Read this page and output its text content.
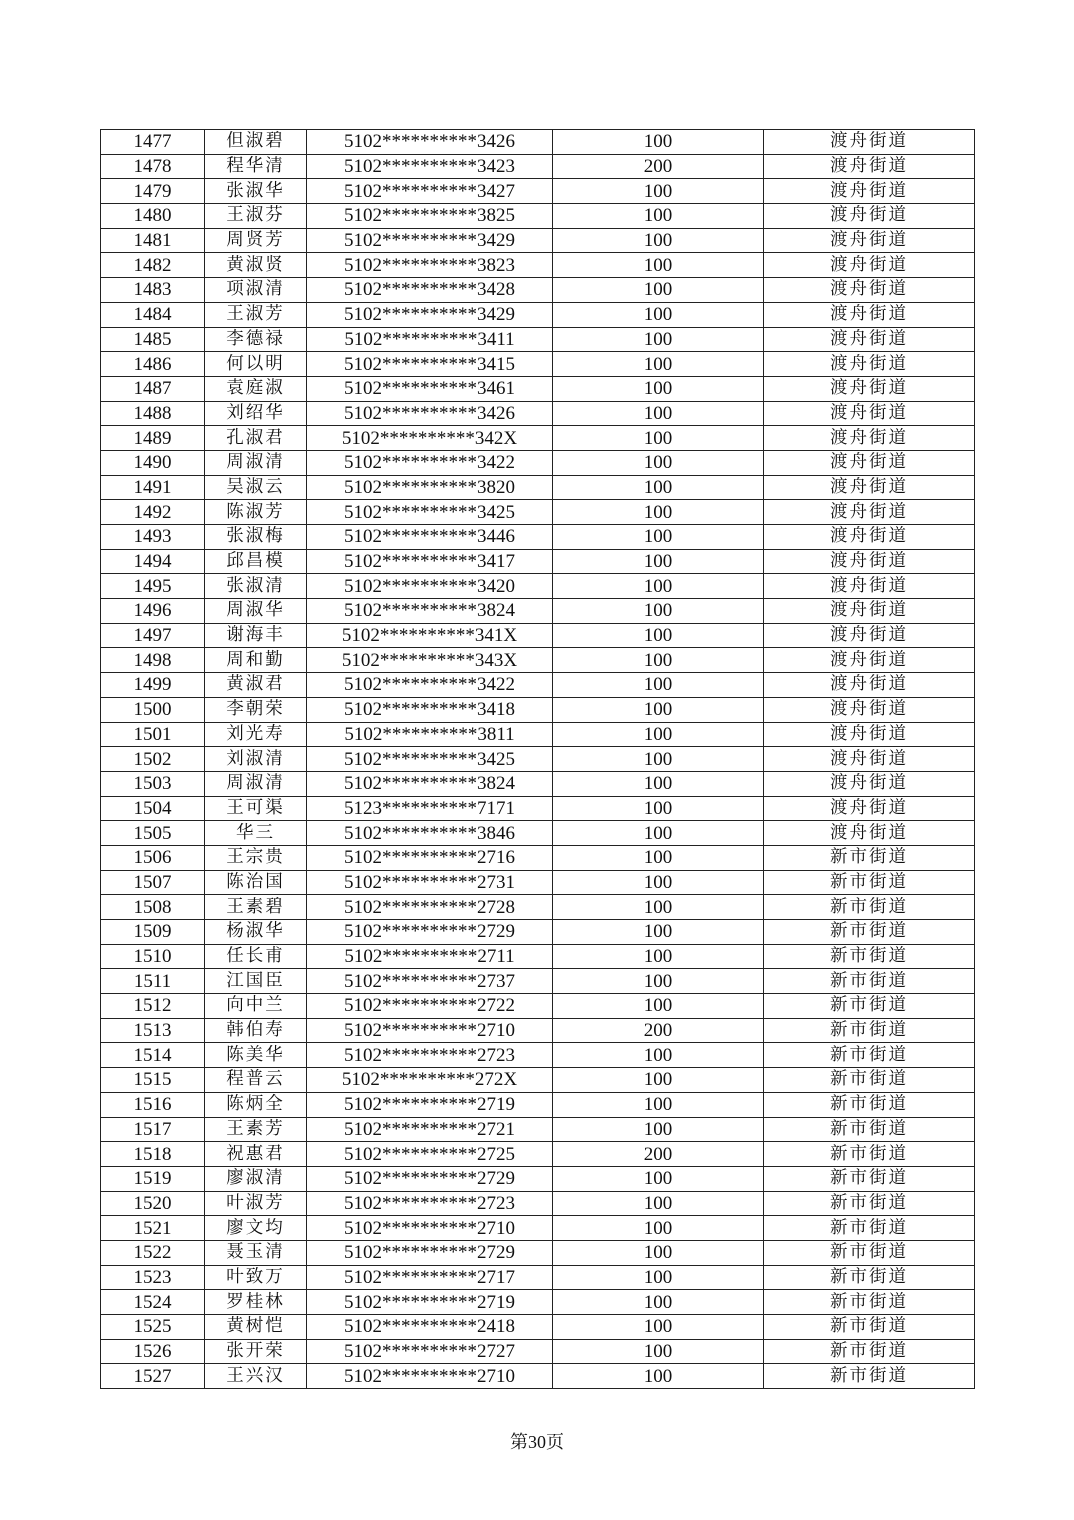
1477	但淑碧	5102**********3426	100	渡舟街道
1478	程华清	5102**********3423	200	渡舟街道
1479	张淑华	5102**********3427	100	渡舟街道
1480	王淑芬	5102**********3825	100	渡舟街道
1481	周贤芳	5102**********3429	100	渡舟街道
1482	黄淑贤	5102**********3823	100	渡舟街道
1483	项淑清	5102**********3428	100	渡舟街道
1484	王淑芳	5102**********3429	100	渡舟街道
1485	李德禄	5102**********3411	100	渡舟街道
1486	何以明	5102**********3415	100	渡舟街道
1487	袁庭淑	5102**********3461	100	渡舟街道
1488	刘绍华	5102**********3426	100	渡舟街道
1489	孔淑君	5102**********342X	100	渡舟街道
1490	周淑清	5102**********3422	100	渡舟街道
1491	吴淑云	5102**********3820	100	渡舟街道
1492	陈淑芳	5102**********3425	100	渡舟街道
1493	张淑梅	5102**********3446	100	渡舟街道
1494	邱昌模	5102**********3417	100	渡舟街道
1495	张淑清	5102**********3420	100	渡舟街道
1496	周淑华	5102**********3824	100	渡舟街道
1497	谢海丰	5102**********341X	100	渡舟街道
1498	周和勤	5102**********343X	100	渡舟街道
1499	黄淑君	5102**********3422	100	渡舟街道
1500	李朝荣	5102**********3418	100	渡舟街道
1501	刘光寿	5102**********3811	100	渡舟街道
1502	刘淑清	5102**********3425	100	渡舟街道
1503	周淑清	5102**********3824	100	渡舟街道
1504	王可渠	5123**********7171	100	渡舟街道
1505	华三	5102**********3846	100	渡舟街道
1506	王宗贵	5102**********2716	100	新市街道
1507	陈治国	5102**********2731	100	新市街道
1508	王素碧	5102**********2728	100	新市街道
1509	杨淑华	5102**********2729	100	新市街道
1510	任长甫	5102**********2711	100	新市街道
1511	江国臣	5102**********2737	100	新市街道
1512	向中兰	5102**********2722	100	新市街道
1513	韩伯寿	5102**********2710	200	新市街道
1514	陈美华	5102**********2723	100	新市街道
1515	程普云	5102**********272X	100	新市街道
1516	陈炳全	5102**********2719	100	新市街道
1517	王素芳	5102**********2721	100	新市街道
1518	祝惠君	5102**********2725	200	新市街道
1519	廖淑清	5102**********2729	100	新市街道
1520	叶淑芳	5102**********2723	100	新市街道
1521	廖文均	5102**********2710	100	新市街道
1522	聂玉清	5102**********2729	100	新市街道
1523	叶致万	5102**********2717	100	新市街道
1524	罗桂林	5102**********2719	100	新市街道
1525	黄树恺	5102**********2418	100	新市街道
1526	张开荣	5102**********2727	100	新市街道
1527	王兴汉	5102**********2710	100	新市街道
第30页
